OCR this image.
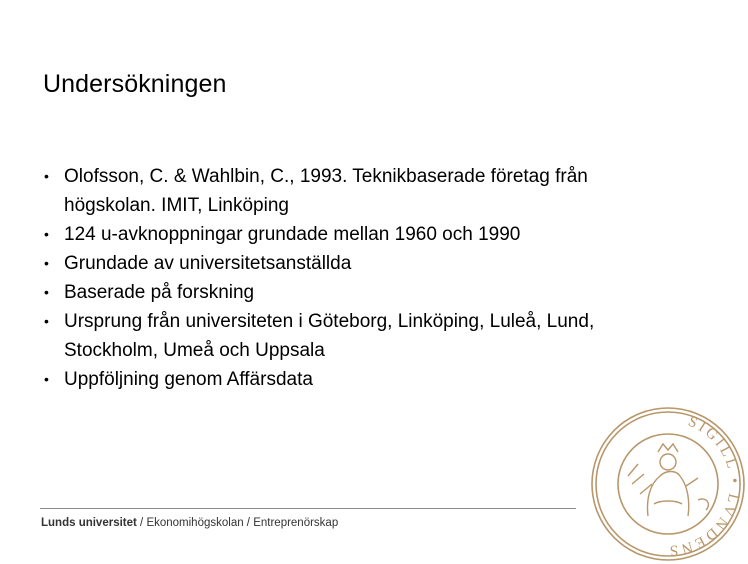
Undersökningen
• Olofsson, C. & Wahlbin, C., 1993. Teknikbaserade företag från högskolan. IMIT, Linköping
• 124 u-avknoppningar grundade mellan 1960 och 1990
• Grundade av universitetsanställda
• Baserade på forskning
• Ursprung från universiteten i Göteborg, Linköping, Luleå, Lund, Stockholm, Umeå och Uppsala
• Uppföljning genom Affärsdata
Lunds universitet / Ekonomihögskolan / Entreprenörskap
SIGILL • LVNDENS
